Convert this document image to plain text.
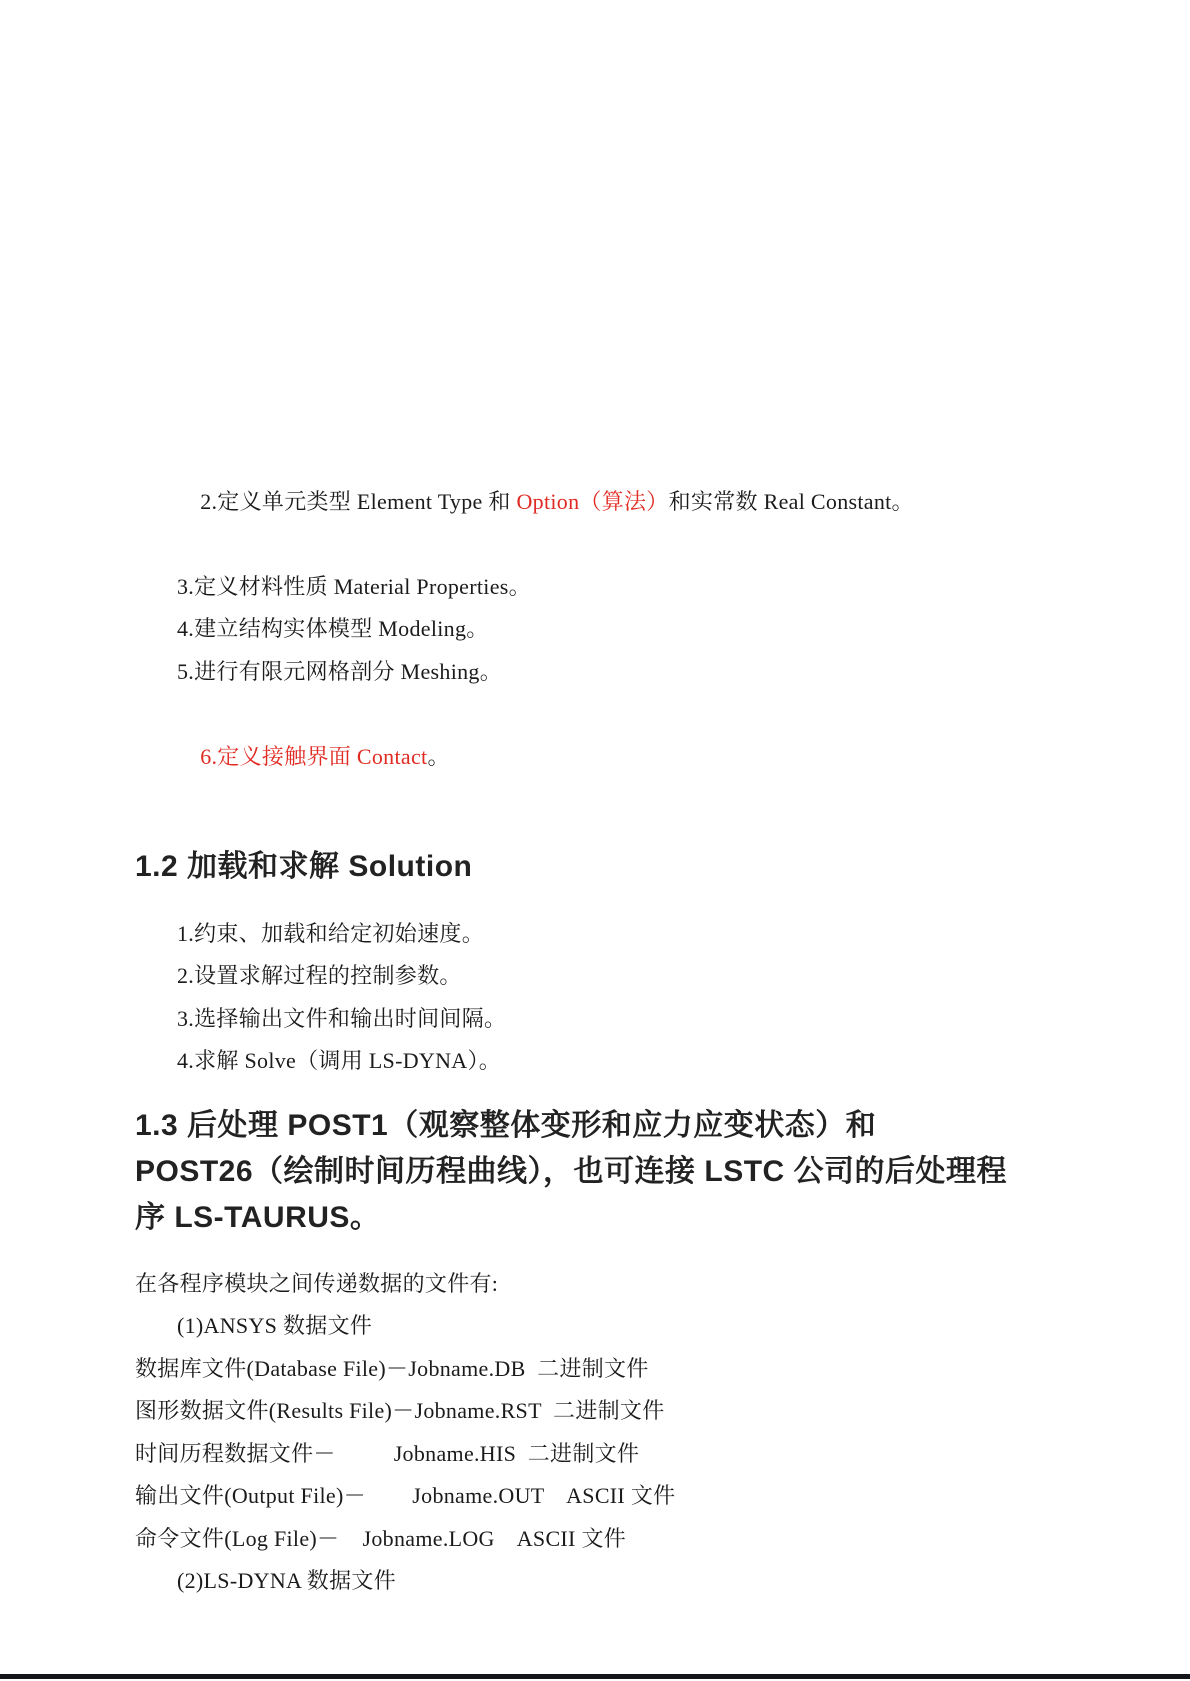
2.定义单元类型 Element Type 和 Option（算法）和实常数 Real Constant。

3.定义材料性质 Material Properties。
4.建立结构实体模型 Modeling。
5.进行有限元网格剖分 Meshing。

6.定义接触界面 Contact。

1.2 加载和求解 Solution
1.约束、加载和给定初始速度。
2.设置求解过程的控制参数。
3.选择输出文件和输出时间间隔。
4.求解 Solve（调用 LS-DYNA）。
1.3 后处理 POST1（观察整体变形和应力应变状态）和
POST26（绘制时间历程曲线），也可连接 LSTC 公司的后处理程
序 LS-TAURUS。
在各程序模块之间传递数据的文件有:
(1)ANSYS 数据文件
数据库文件(Database File)－Jobname.DB  二进制文件
图形数据文件(Results File)－Jobname.RST  二进制文件
时间历程数据文件－          Jobname.HIS  二进制文件
输出文件(Output File)－        Jobname.OUT    ASCII 文件
命令文件(Log File)－    Jobname.LOG    ASCII 文件
(2)LS-DYNA 数据文件
